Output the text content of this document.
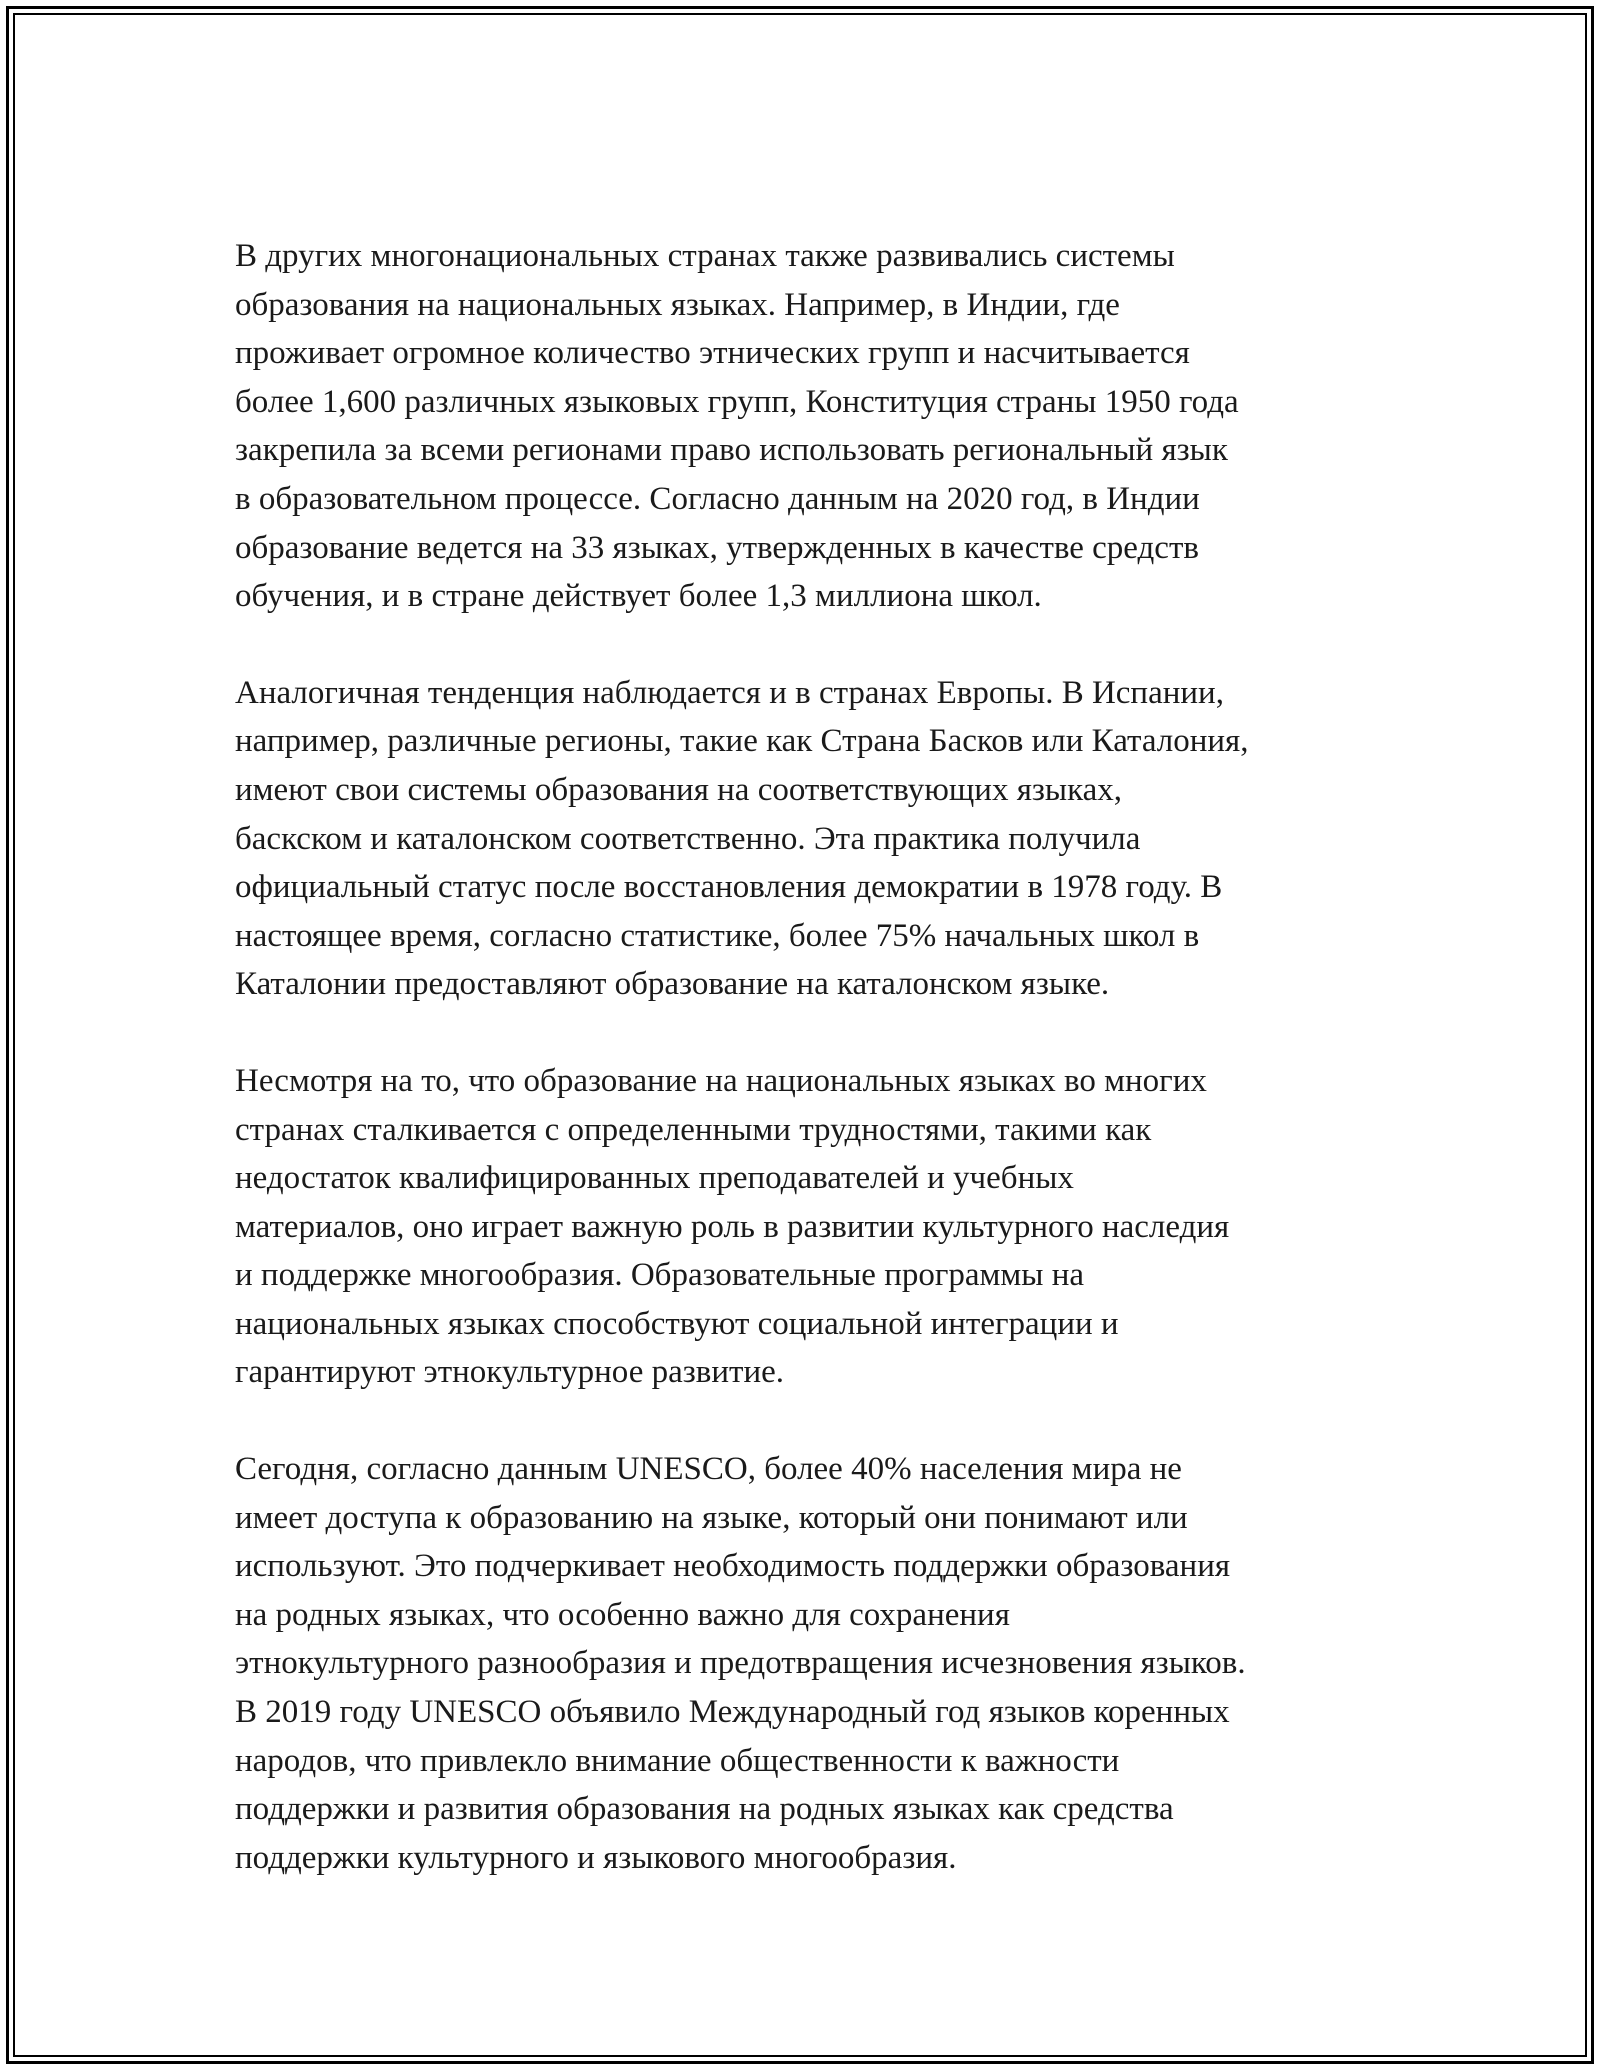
В других многонациональных странах также развивались системы
образования на национальных языках. Например, в Индии, где
проживает огромное количество этнических групп и насчитывается
более 1,600 различных языковых групп, Конституция страны 1950 года
закрепила за всеми регионами право использовать региональный язык
в образовательном процессе. Согласно данным на 2020 год, в Индии
образование ведется на 33 языках, утвержденных в качестве средств
обучения, и в стране действует более 1,3 миллиона школ.

Аналогичная тенденция наблюдается и в странах Европы. В Испании,
например, различные регионы, такие как Страна Басков или Каталония,
имеют свои системы образования на соответствующих языках,
баскском и каталонском соответственно. Эта практика получила
официальный статус после восстановления демократии в 1978 году. В
настоящее время, согласно статистике, более 75% начальных школ в
Каталонии предоставляют образование на каталонском языке.

Несмотря на то, что образование на национальных языках во многих
странах сталкивается с определенными трудностями, такими как
недостаток квалифицированных преподавателей и учебных
материалов, оно играет важную роль в развитии культурного наследия
и поддержке многообразия. Образовательные программы на
национальных языках способствуют социальной интеграции и
гарантируют этнокультурное развитие.

Сегодня, согласно данным UNESCO, более 40% населения мира не
имеет доступа к образованию на языке, который они понимают или
используют. Это подчеркивает необходимость поддержки образования
на родных языках, что особенно важно для сохранения
этнокультурного разнообразия и предотвращения исчезновения языков.
В 2019 году UNESCO объявило Международный год языков коренных
народов, что привлекло внимание общественности к важности
поддержки и развития образования на родных языках как средства
поддержки культурного и языкового многообразия.
